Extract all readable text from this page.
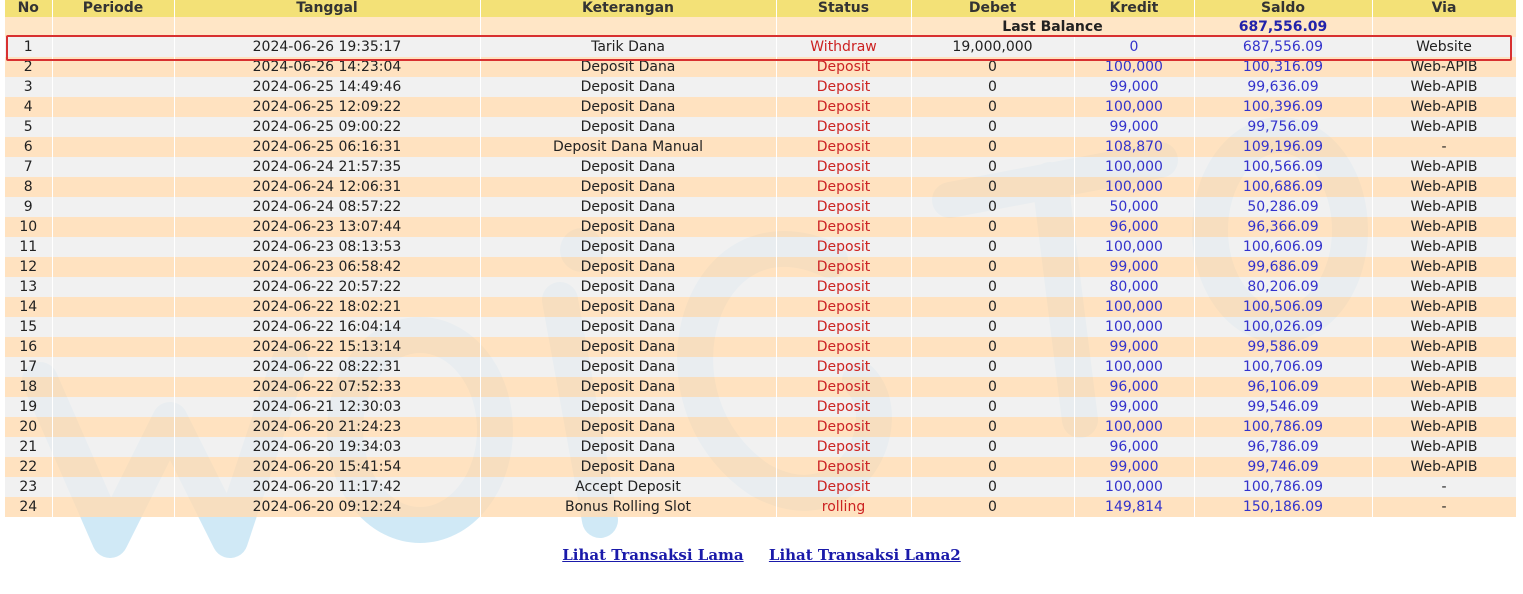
No	Periode	Tanggal	Keterangan	Status	Debet	Kredit	Saldo	Via
					Last Balance		687,556.09	
1		2024-06-26 19:35:17	Tarik Dana	Withdraw	19,000,000	0	687,556.09	Website
2		2024-06-26 14:23:04	Deposit Dana	Deposit	0	100,000	100,316.09	Web-APIB
3		2024-06-25 14:49:46	Deposit Dana	Deposit	0	99,000	99,636.09	Web-APIB
4		2024-06-25 12:09:22	Deposit Dana	Deposit	0	100,000	100,396.09	Web-APIB
5		2024-06-25 09:00:22	Deposit Dana	Deposit	0	99,000	99,756.09	Web-APIB
6		2024-06-25 06:16:31	Deposit Dana Manual	Deposit	0	108,870	109,196.09	-
7		2024-06-24 21:57:35	Deposit Dana	Deposit	0	100,000	100,566.09	Web-APIB
8		2024-06-24 12:06:31	Deposit Dana	Deposit	0	100,000	100,686.09	Web-APIB
9		2024-06-24 08:57:22	Deposit Dana	Deposit	0	50,000	50,286.09	Web-APIB
10		2024-06-23 13:07:44	Deposit Dana	Deposit	0	96,000	96,366.09	Web-APIB
11		2024-06-23 08:13:53	Deposit Dana	Deposit	0	100,000	100,606.09	Web-APIB
12		2024-06-23 06:58:42	Deposit Dana	Deposit	0	99,000	99,686.09	Web-APIB
13		2024-06-22 20:57:22	Deposit Dana	Deposit	0	80,000	80,206.09	Web-APIB
14		2024-06-22 18:02:21	Deposit Dana	Deposit	0	100,000	100,506.09	Web-APIB
15		2024-06-22 16:04:14	Deposit Dana	Deposit	0	100,000	100,026.09	Web-APIB
16		2024-06-22 15:13:14	Deposit Dana	Deposit	0	99,000	99,586.09	Web-APIB
17		2024-06-22 08:22:31	Deposit Dana	Deposit	0	100,000	100,706.09	Web-APIB
18		2024-06-22 07:52:33	Deposit Dana	Deposit	0	96,000	96,106.09	Web-APIB
19		2024-06-21 12:30:03	Deposit Dana	Deposit	0	99,000	99,546.09	Web-APIB
20		2024-06-20 21:24:23	Deposit Dana	Deposit	0	100,000	100,786.09	Web-APIB
21		2024-06-20 19:34:03	Deposit Dana	Deposit	0	96,000	96,786.09	Web-APIB
22		2024-06-20 15:41:54	Deposit Dana	Deposit	0	99,000	99,746.09	Web-APIB
23		2024-06-20 11:17:42	Accept Deposit	Deposit	0	100,000	100,786.09	-
24		2024-06-20 09:12:24	Bonus Rolling Slot	rolling	0	149,814	150,186.09	-
Lihat Transaksi Lama Lihat Transaksi Lama2
